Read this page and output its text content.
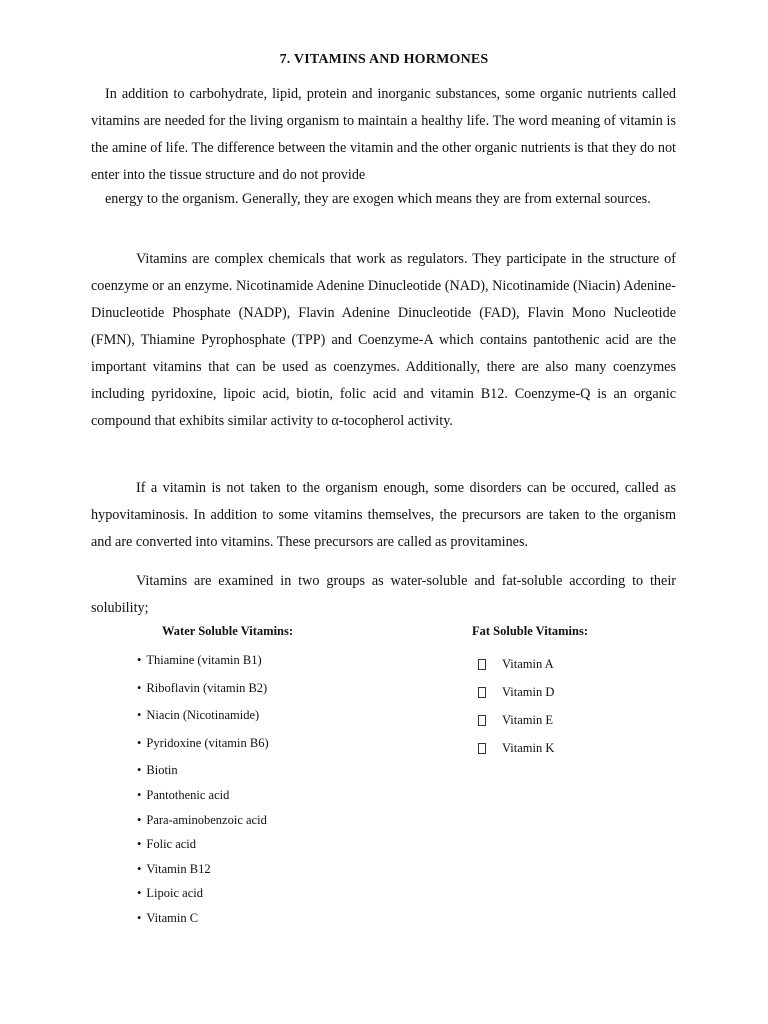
7. VITAMINS AND HORMONES
In addition to carbohydrate, lipid, protein and inorganic substances, some organic nutrients called vitamins are needed for the living organism to maintain a healthy life. The word meaning of vitamin is the amine of life. The difference between the vitamin and the other organic nutrients is that they do not enter into the tissue structure and do not provide
energy to the organism. Generally, they are exogen which means they are from external sources.
Vitamins are complex chemicals that work as regulators. They participate in the structure of coenzyme or an enzyme. Nicotinamide Adenine Dinucleotide (NAD), Nicotinamide (Niacin) Adenine-Dinucleotide Phosphate (NADP), Flavin Adenine Dinucleotide (FAD), Flavin Mono Nucleotide (FMN), Thiamine Pyrophosphate (TPP) and Coenzyme-A which contains pantothenic acid are the important vitamins that can be used as coenzymes. Additionally, there are also many coenzymes including pyridoxine, lipoic acid, biotin, folic acid and vitamin B12. Coenzyme-Q is an organic compound that exhibits similar activity to α-tocopherol activity.
If a vitamin is not taken to the organism enough, some disorders can be occured, called as hypovitaminosis. In addition to some vitamins themselves, the precursors are taken to the organism and are converted into vitamins. These precursors are called as provitamines.
Vitamins are examined in two groups as water-soluble and fat-soluble according to their solubility;
Water Soluble Vitamins:	Fat Soluble Vitamins:
• Thiamine (vitamin B1)
• Riboflavin (vitamin B2)
• Niacin (Nicotinamide)
• Pyridoxine (vitamin B6)
• Biotin
• Pantothenic acid
• Para-aminobenzoic acid
• Folic acid
• Vitamin B12
• Lipoic acid
• Vitamin C
Vitamin A
Vitamin D
Vitamin E
Vitamin K
